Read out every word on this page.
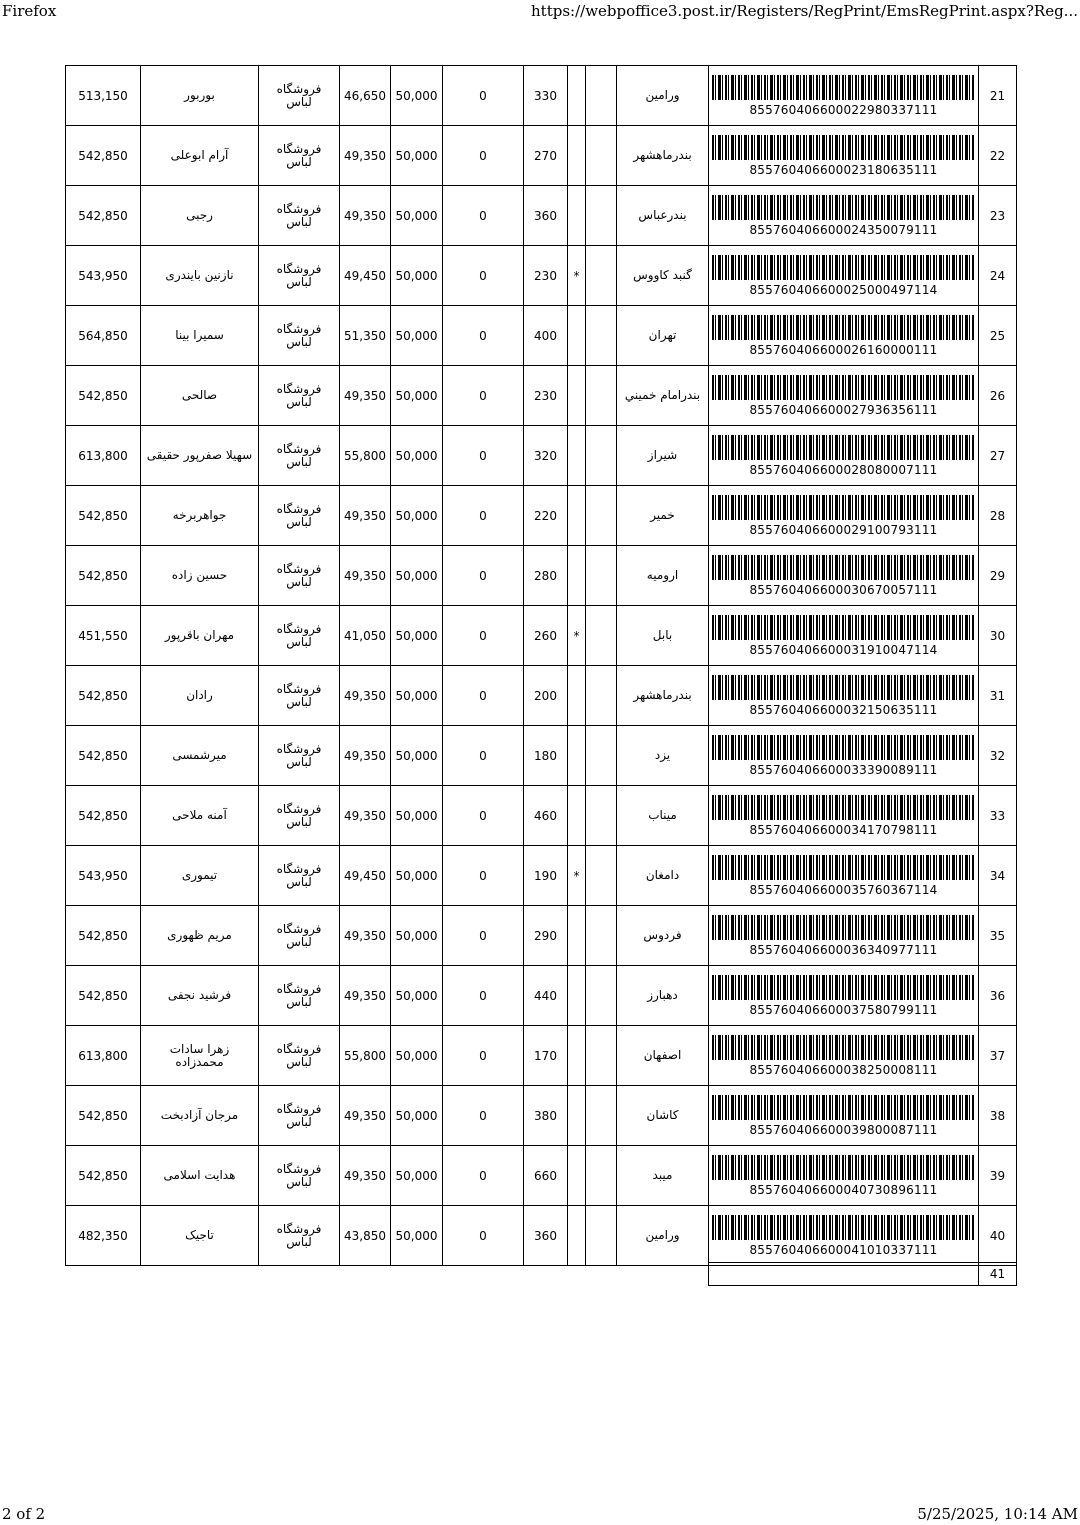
Firefox	https://webpoffice3.post.ir/Registers/RegPrint/EmsRegPrint.aspx?Reg...
513,150	بوربور	فروشگاه لباس	46,650	50,000	0	330			ورامین	855760406600022980337111	21
542,850	آرام ابوعلی	فروشگاه لباس	49,350	50,000	0	270			بندرماهشهر	855760406600023180635111	22
542,850	رجبی	فروشگاه لباس	49,350	50,000	0	360			بندرعباس	855760406600024350079111	23
543,950	نازنین بایندری	فروشگاه لباس	49,450	50,000	0	230	*		گنبد کاووس	855760406600025000497114	24
564,850	سمیرا بینا	فروشگاه لباس	51,350	50,000	0	400			تهران	855760406600026160000111	25
542,850	صالحی	فروشگاه لباس	49,350	50,000	0	230			بندرامام خميني	855760406600027936356111	26
613,800	سهیلا صفرپور حقیقی	فروشگاه لباس	55,800	50,000	0	320			شیراز	855760406600028080007111	27
542,850	جواهربرخه	فروشگاه لباس	49,350	50,000	0	220			خمیر	855760406600029100793111	28
542,850	حسین زاده	فروشگاه لباس	49,350	50,000	0	280			ارومیه	855760406600030670057111	29
451,550	مهران باقرپور	فروشگاه لباس	41,050	50,000	0	260	*		بابل	855760406600031910047114	30
542,850	رادان	فروشگاه لباس	49,350	50,000	0	200			بندرماهشهر	855760406600032150635111	31
542,850	میرشمسی	فروشگاه لباس	49,350	50,000	0	180			یزد	855760406600033390089111	32
542,850	آمنه ملاحی	فروشگاه لباس	49,350	50,000	0	460			میناب	855760406600034170798111	33
543,950	تیموری	فروشگاه لباس	49,450	50,000	0	190	*		دامغان	855760406600035760367114	34
542,850	مریم ظهوری	فروشگاه لباس	49,350	50,000	0	290			فردوس	855760406600036340977111	35
542,850	فرشید نجفی	فروشگاه لباس	49,350	50,000	0	440			دهبارز	855760406600037580799111	36
613,800	زهرا سادات محمدزاده	فروشگاه لباس	55,800	50,000	0	170			اصفهان	855760406600038250008111	37
542,850	مرجان آزادبخت	فروشگاه لباس	49,350	50,000	0	380			کاشان	855760406600039800087111	38
542,850	هدایت اسلامی	فروشگاه لباس	49,350	50,000	0	660			میبد	855760406600040730896111	39
482,350	تاجیک	فروشگاه لباس	43,850	50,000	0	360			ورامین	855760406600041010337111	40
	41
2 of 2	5/25/2025, 10:14 AM
